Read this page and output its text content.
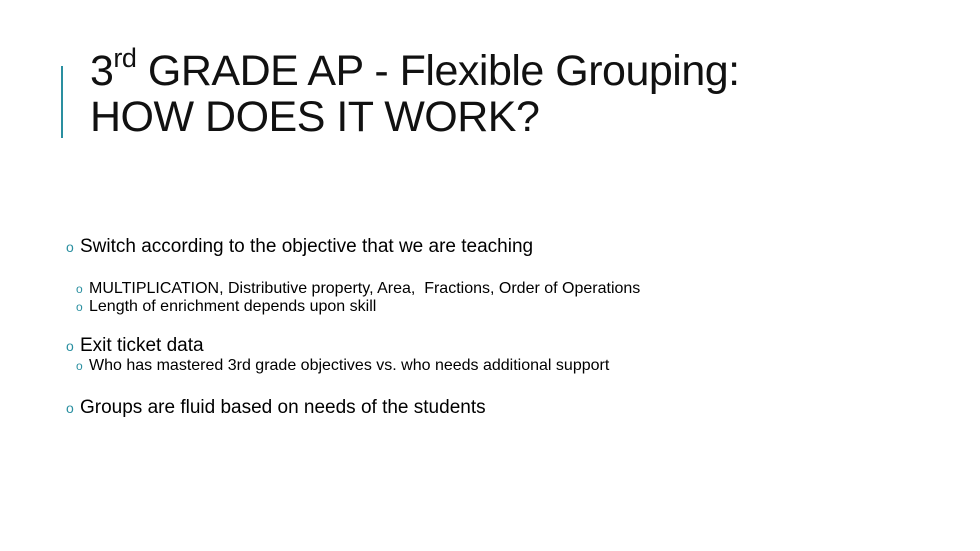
3rd GRADE AP - Flexible Grouping:
HOW DOES IT WORK?
o Switch according to the objective that we are teaching
o MULTIPLICATION, Distributive property, Area,  Fractions, Order of Operations
o Length of enrichment depends upon skill
o Exit ticket data
o Who has mastered 3rd grade objectives vs. who needs additional support
o Groups are fluid based on needs of the students
